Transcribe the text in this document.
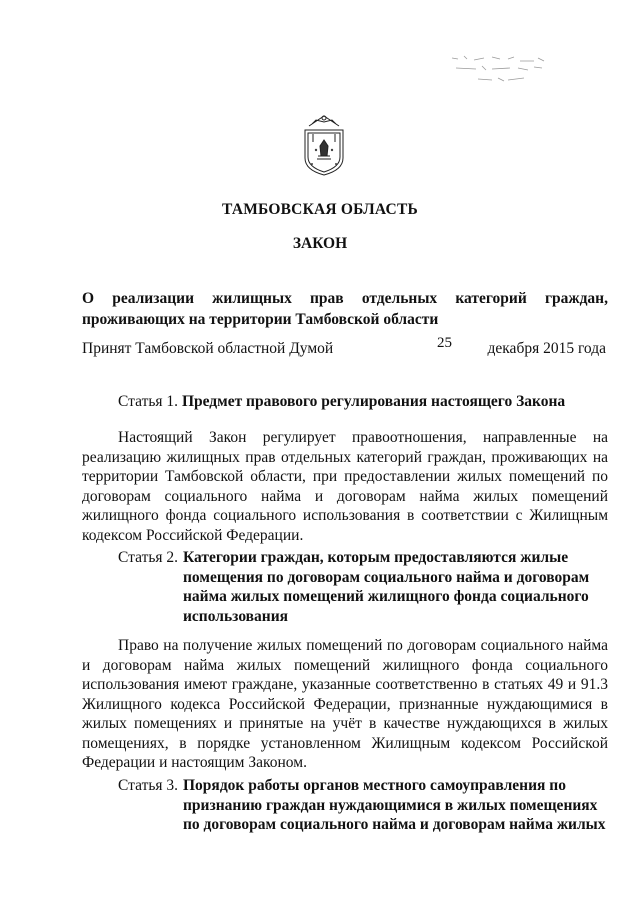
ТАМБОВСКАЯ ОБЛАСТЬ
ЗАКОН
О реализации жилищных прав отдельных категорий граждан,
проживающих на территории Тамбовской области
Принят Тамбовской областной Думой	25 декабря 2015 года
Статья 1. Предмет правового регулирования настоящего Закона
Настоящий Закон регулирует правоотношения, направленные на реализацию жилищных прав отдельных категорий граждан, проживающих на территории Тамбовской области, при предоставлении жилых помещений по договорам социального найма и договорам найма жилых помещений жилищного фонда социального использования в соответствии с Жилищным кодексом Российской Федерации.
Статья 2. Категории граждан, которым предоставляются жилые
помещения по договорам социального найма и договорам
найма жилых помещений жилищного фонда социального
использования
Право на получение жилых помещений по договорам социального найма и договорам найма жилых помещений жилищного фонда социального использования имеют граждане, указанные соответственно в статьях 49 и 91.3 Жилищного кодекса Российской Федерации, признанные нуждающимися в жилых помещениях и принятые на учёт в качестве нуждающихся в жилых помещениях, в порядке установленном Жилищным кодексом Российской Федерации и настоящим Законом.
Статья 3. Порядок работы органов местного самоуправления по
признанию граждан нуждающимися в жилых помещениях
по договорам социального найма и договорам найма жилых
